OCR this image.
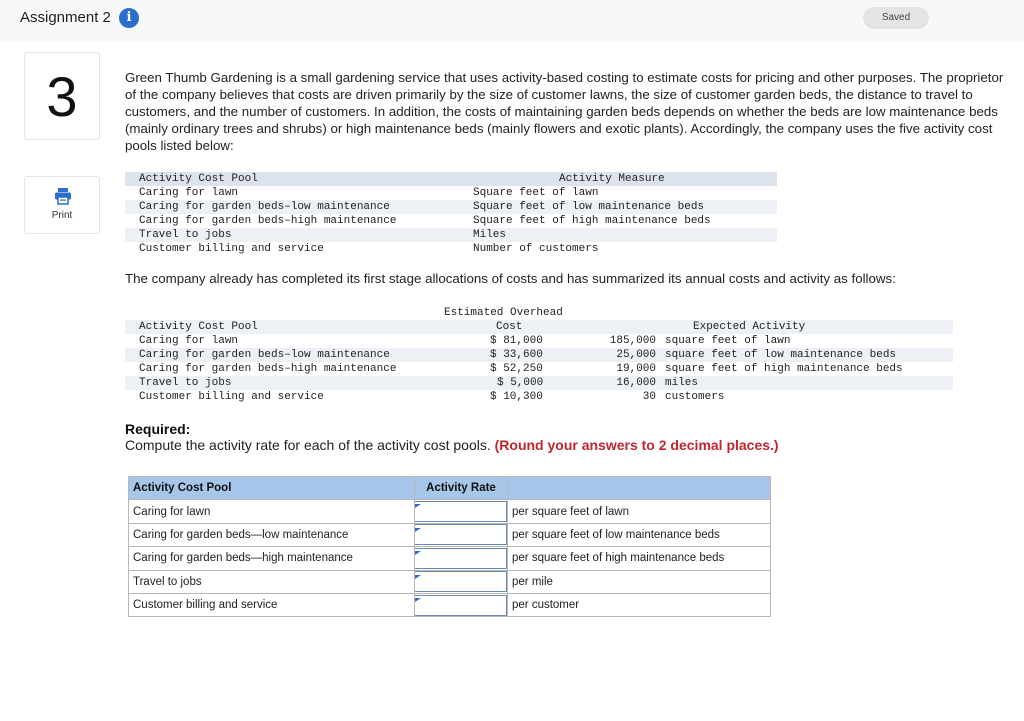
Assignment 2	i	Saved
3
Print
Green Thumb Gardening is a small gardening service that uses activity-based costing to estimate costs for pricing and other purposes. The proprietor of the company believes that costs are driven primarily by the size of customer lawns, the size of customer garden beds, the distance to travel to customers, and the number of customers. In addition, the costs of maintaining garden beds depends on whether the beds are low maintenance beds (mainly ordinary trees and shrubs) or high maintenance beds (mainly flowers and exotic plants). Accordingly, the company uses the five activity cost pools listed below:
Activity Cost Pool	Activity Measure
Caring for lawn	Square feet of lawn
Caring for garden beds–low maintenance	Square feet of low maintenance beds
Caring for garden beds–high maintenance	Square feet of high maintenance beds
Travel to jobs	Miles
Customer billing and service	Number of customers
The company already has completed its first stage allocations of costs and has summarized its annual costs and activity as follows:
Estimated Overhead
Cost
Activity Cost Pool	Expected Activity
Caring for lawn	$ 81,000	185,000 square feet of lawn
Caring for garden beds–low maintenance	$ 33,600	25,000 square feet of low maintenance beds
Caring for garden beds–high maintenance	$ 52,250	19,000 square feet of high maintenance beds
Travel to jobs	$ 5,000	16,000 miles
Customer billing and service	$ 10,300	30 customers
Required:
Compute the activity rate for each of the activity cost pools. (Round your answers to 2 decimal places.)
Activity Cost Pool	Activity Rate	
Caring for lawn		per square feet of lawn
Caring for garden beds—low maintenance		per square feet of low maintenance beds
Caring for garden beds—high maintenance		per square feet of high maintenance beds
Travel to jobs		per mile
Customer billing and service		per customer
